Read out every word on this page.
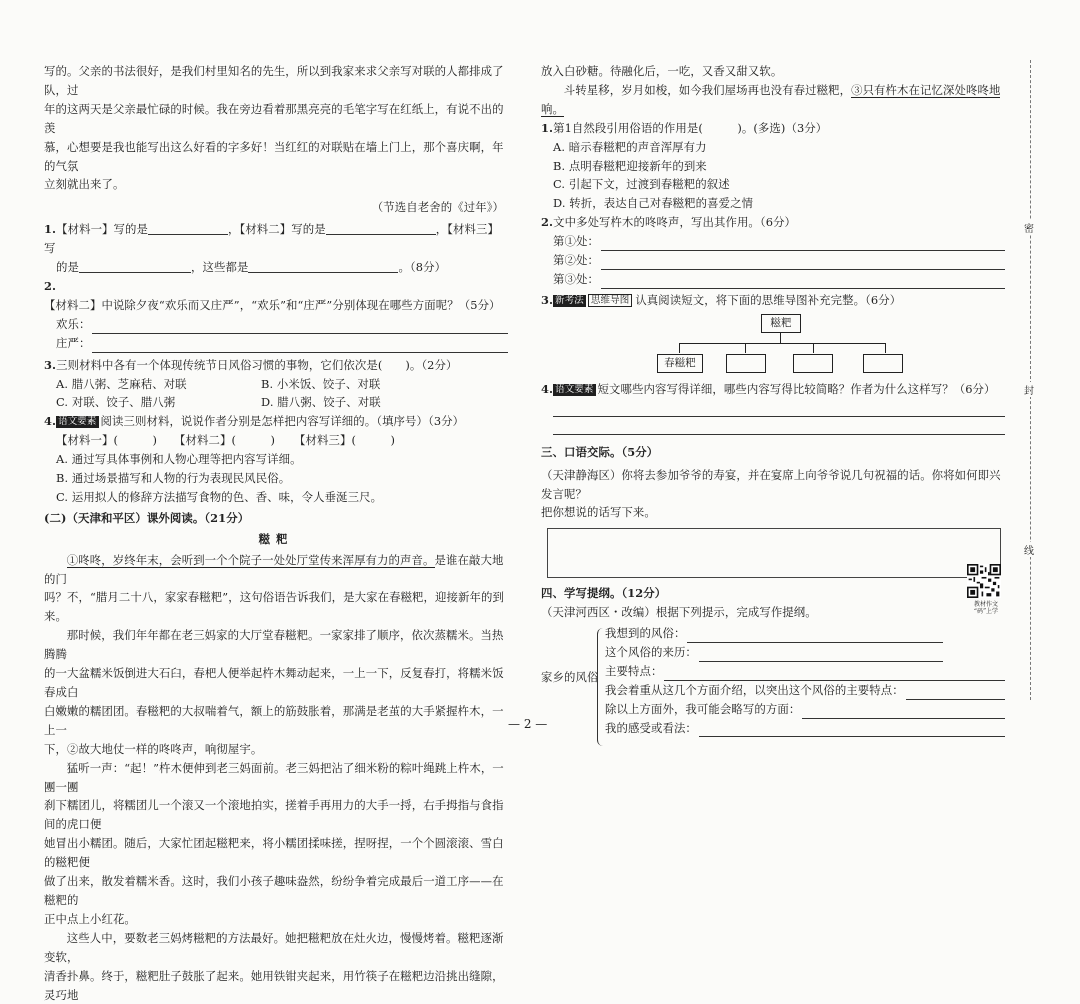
写的。父亲的书法很好，是我们村里知名的先生，所以到我家来求父亲写对联的人都排成了队，过

年的这两天是父亲最忙碌的时候。我在旁边看着那黑亮亮的毛笔字写在红纸上，有说不出的羡

慕，心想要是我也能写出这么好看的字多好！当红红的对联贴在墙上门上，那个喜庆啊，年的气氛

立刻就出来了。

（节选自老舍的《过年》）

1.【材料一】写的是	，【材料二】写的是	，【材料三】写

的是	，这些都是	。（8分）

2.【材料二】中说除夕夜“欢乐而又庄严”，“欢乐”和“庄严”分别体现在哪些方面呢？（5分）

欢乐：
庄严：

3.三则材料中各有一个体现传统节日风俗习惯的事物，它们依次是(　　)。（2分）

A. 腊八粥、芝麻秸、对联	B. 小米饭、饺子、对联
C. 对联、饺子、腊八粥	D. 腊八粥、饺子、对联

4. 语文要素 阅读三则材料，说说作者分别是怎样把内容写详细的。（填序号）（3分）

【材料一】(　　　)	【材料二】(　　　)	【材料三】(　　　)

A. 通过写具体事例和人物心理等把内容写详细。

B. 通过场景描写和人物的行为表现民风民俗。

C. 运用拟人的修辞方法描写食物的色、香、味，令人垂涎三尺。

(二)（天津和平区）课外阅读。（21分）

糍粑

①咚咚，岁终年末，会听到一个个院子一处处厅堂传来浑厚有力的声音。是谁在敲大地的门

吗？不，“腊月二十八，家家春糍粑”，这句俗语告诉我们，是大家在春糍粑，迎接新年的到来。

那时候，我们年年都在老三妈家的大厅堂春糍粑。一家家排了顺序，依次蒸糯米。当热腾腾

的一大盆糯米饭倒进大石臼，春杷人便举起杵木舞动起来，一上一下，反复春打，将糯米饭春成白

白嫩嫩的糯团团。春糍粑的大叔喘着气，额上的筋鼓胀着，那满是老茧的大手紧握杵木，一上一

下，②故大地仗一样的咚咚声，响彻屋宇。

猛听一声：“起！”杵木便伸到老三妈面前。老三妈把沾了细米粉的粽叶绳跳上杵木，一團一團

刹下糯团儿，将糯团儿一个滚又一个滚地拍实，搓着手再用力的大手一捋，右手拇指与食指间的虎口便

她冒出小糯团。随后，大家忙团起糍粑来，将小糯团揉味搓，捏呀捏，一个个圆滚滚、雪白的糍粑便

做了出来，散发着糯米香。这时，我们小孩子趣味盎然，纷纷争着完成最后一道工序——在糍粑的

正中点上小红花。

这些人中，要数老三妈烤糍粑的方法最好。她把糍粑放在灶火边，慢慢烤着。糍粑逐渐变软，

清香扑鼻。终于，糍粑肚子鼓胀了起来。她用铁钳夹起来，用竹筷子在糍粑边沿挑出缝隙，灵巧地

放入白砂糖。待融化后，一吃，又香又甜又软。

斗转星移，岁月如梭，如今我们屋场再也没有春过糍粑，③只有杵木在记忆深处咚咚地响。

1.第1自然段引用俗语的作用是(　　　)。(多选)（3分）

A. 暗示春糍粑的声音浑厚有力

B. 点明春糍粑迎接新年的到来

C. 引起下文，过渡到春糍粑的叙述

D. 转折，表达自己对春糍粑的喜爱之情

2.文中多处写杵木的咚咚声，写出其作用。（6分）

第①处：
第②处：
第③处：

3. 新考法 思维导图 认真阅读短文，将下面的思维导图补充完整。（6分）

糍粑
春糍粑

4. 语文要素 短文哪些内容写得详细，哪些内容写得比较简略？作者为什么这样写？（6分）

三、口语交际。（5分）

（天津静海区）你将去参加爷爷的寿宴，并在宴席上向爷爷说几句祝福的话。你将如何即兴发言呢？

把你想说的话写下来。

四、学写提纲。（12分）

（天津河西区・改编）根据下列提示，完成写作提纲。

家乡的风俗
我想到的风俗：
这个风俗的来历：
主要特点：
我会着重从这几个方面介绍，以突出这个风俗的主要特点：
除以上方面外，我可能会略写的方面：
我的感受或看法：
教材作文
“码”上学
— 2 —
密
封
线
